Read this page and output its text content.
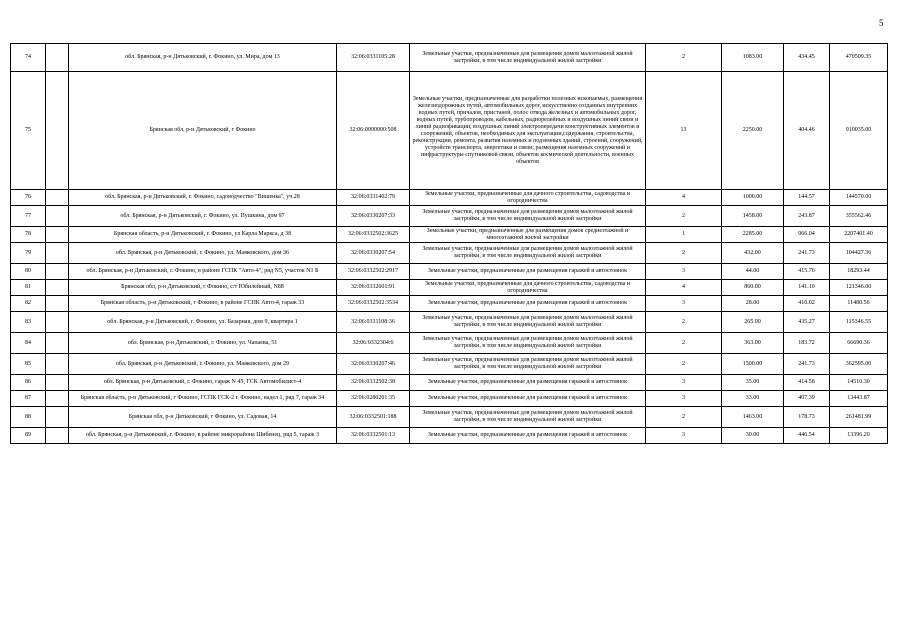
5
74		обл. Брянская, р-н Дятьковский, г. Фокино, ул. Мира, дом 13	32:06:0331105:28	Земельные участки, предназначенные для размещения домов малоэтажной жилой застройки, в том числе индивидуальной жилой застройки	2	1083.00	434.45	470509.35
75		Брянская обл, р-н Дятьковский, г Фокино	32:06:0000000:508	Земельные участки, предназначенные для разработки полезных ископаемых, размещения железнодорожных путей, автомобильных дорог, искусственно созданных внутренних водных путей, причалов, пристаней, полос отвода железных и автомобильных дорог, водных путей, трубопроводов, кабельных, радиорелейных и воздушных линий связи и линий радиофикации, воздушных линий электропередачи конструктивных элементов и сооружений, объектов, необходимых для эксплуатации,содержания, строительства, реконструкции, ремонта, развития наземных и подземных зданий, строений, сооружений, устройств транспорта, энергетики и связи; размещения наземных сооружений и инфраструктуры спутниковой связи, объектов космической деятельности, военных объектов	13	2250.00	404.46	910035.00
76		обл. Брянская, р-н Дятьковский, г. Фокино, садоводчество "Вишенка", уч.28	32:06:0331402:79	Земельные участки, предназначенные для дачного строительства, садоводства и огородничества	4	1000.00	144.57	144570.00
77		обл. Брянская, р-н Дятьковский, г. Фокино, ул. Пушкина, дом 97	32:06:0330207:33	Земельные участки, предназначенные для размещения домов малоэтажной жилой застройки, в том числе индивидуальной жилой застройки	2	1458.00	243.87	355562.46
78		Брянская область, р-н Дятьковский, г. Фокино, ул Карла Маркса, д 38	32:06:0332502:3625	Земельные участки, предназначенные для размещения домов среднеэтажной и многоэтажной жилой застройки	1	2285.00	966.04	2207401.40
79		обл. Брянская, р-н Дятьковский, г. Фокино, ул. Маяковского, дом 36	32:06:0330207:54	Земельные участки, предназначенные для размещения домов малоэтажной жилой застройки, в том числе индивидуальной жилой застройки	2	432.00	241.73	104427.36
80		обл. Брянская, р-н Дятьковский, г. Фокино, в районе ГСПК "Авто-4", ряд N5, участок N1 Б	32:06:0332502:2917	Земельные участки, предназначенные для размещения гаражей и автостоянок	3	44.00	415.76	18293.44
81		Брянская обл, р-н Дятьковский, г Фокино, с/т Юбилейный, N88	32:06:0332601:91	Земельные участки, предназначенные для дачного строительства, садоводства и огородничества	4	860.00	141.10	121346.00
82		Брянская область, р-н Дятьковский, г Фокино, в районе ГСПК Авто-4, гараж 33	32:06:0332502:3534	Земельные участки, предназначенные для размещения гаражей и автостоянок	3	28.00	410.02	11480.56
83		обл. Брянская, р-н Дятьковский, г. Фокино, ул. Базарная, дом 9, квартира 1	32:06:0331108:36	Земельные участки, предназначенные для размещения домов малоэтажной жилой застройки, в том числе индивидуальной жилой застройки	2	265.00	435.27	115346.55
84		обл. Брянская, р-н Дятьковский, г. Фокино, ул. Чапаева, 51	32:06:0332304:6	Земельные участки, предназначенные для размещения домов малоэтажной жилой застройки, в том числе индивидуальной жилой застройки	2	363.00	183.72	66690.36
85		обл. Брянская, р-н Дятьковский, г. Фокино, ул. Маяковского, дом 29	32:06:0330207:46	Земельные участки, предназначенные для размещения домов малоэтажной жилой застройки, в том числе индивидуальной жилой застройки	2	1500.00	241.73	362595.00
86		обл. Брянская, р-н Дятьковский, г. Фокино, гараж N 45, ГСК Автомобилист-4	32:06:0332502:38	Земельные участки, предназначенные для размещения гаражей и автостоянок	3	35.00	414.58	14510.30
87		Брянская область, р-н Дятьковский, г Фокино, ГСПК ГСК-2 г. Фокино, надел 1, ряд 7, гараж 34	32:06:0280201:35	Земельные участки, предназначенные для размещения гаражей и автостоянок	3	33.00	407.39	13443.87
88		Брянская обл, р-н Дятьковский, г Фокино, ул. Садовая, 14	32:06:0332501:188	Земельные участки, предназначенные для размещения домов малоэтажной жилой застройки, в том числе индивидуальной жилой застройки	2	1463.00	178.73	261481.99
89		обл. Брянская, р-н Дятьковский, г. Фокино, в районе микрорайона Шибенец, ряд 5, гараж 3	32:06:0332501:13	Земельные участки, предназначенные для размещения гаражей и автостоянок	3	30.00	446.54	13396.20
